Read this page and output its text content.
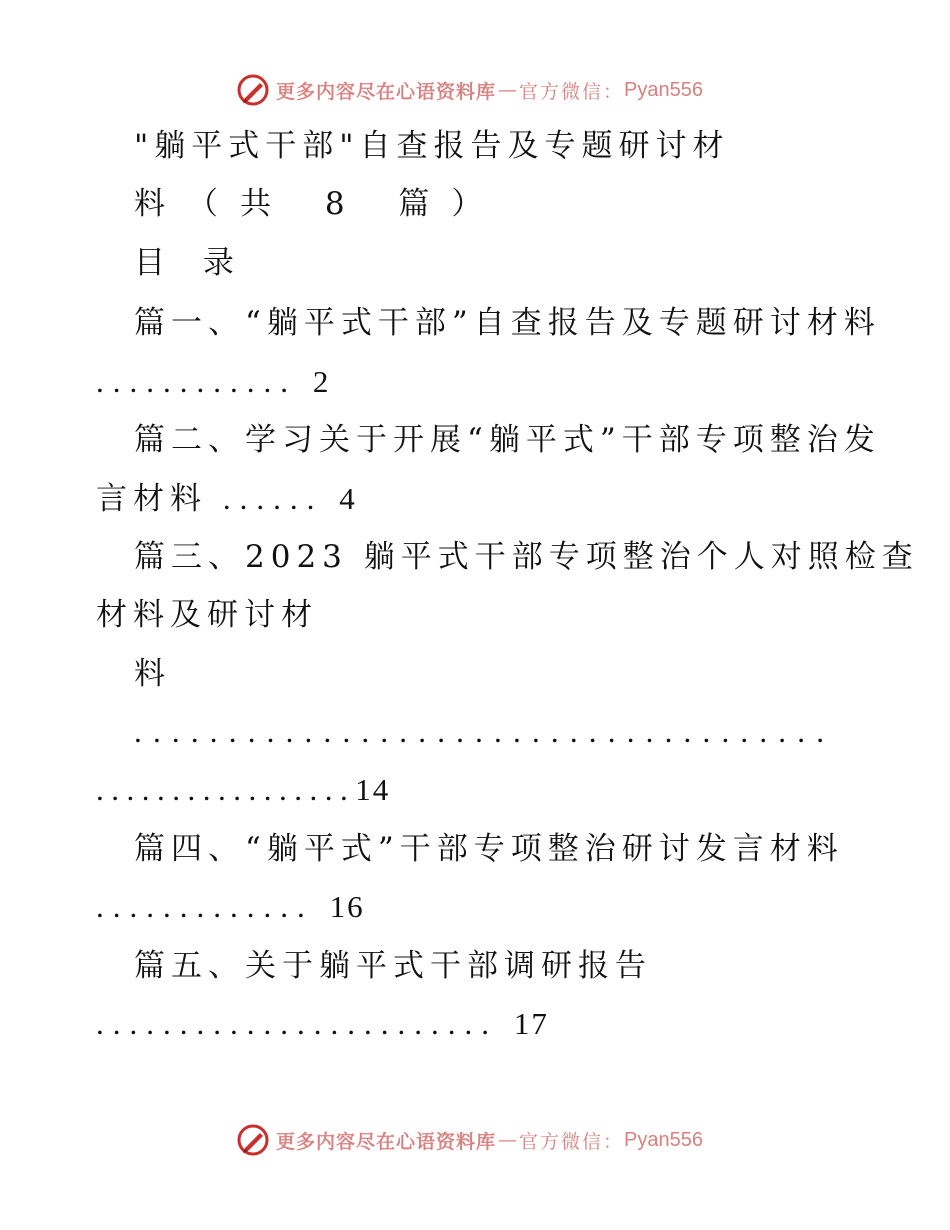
更多内容尽在心语资料库 — 官方微信： Pyan556
"躺平式干部"自查报告及专题研讨材
料（共 8 篇）
目 录
篇一、“躺平式干部”自查报告及专题研讨材料
............ 2
篇二、学习关于开展“躺平式”干部专项整治发
言材料 ...... 4
篇三、2023 躺平式干部专项整治个人对照检查
材料及研讨材
料
.....................................
.................14
篇四、“躺平式”干部专项整治研讨发言材料
............. 16
篇五、关于躺平式干部调研报告
........................ 17
更多内容尽在心语资料库 — 官方微信： Pyan556
